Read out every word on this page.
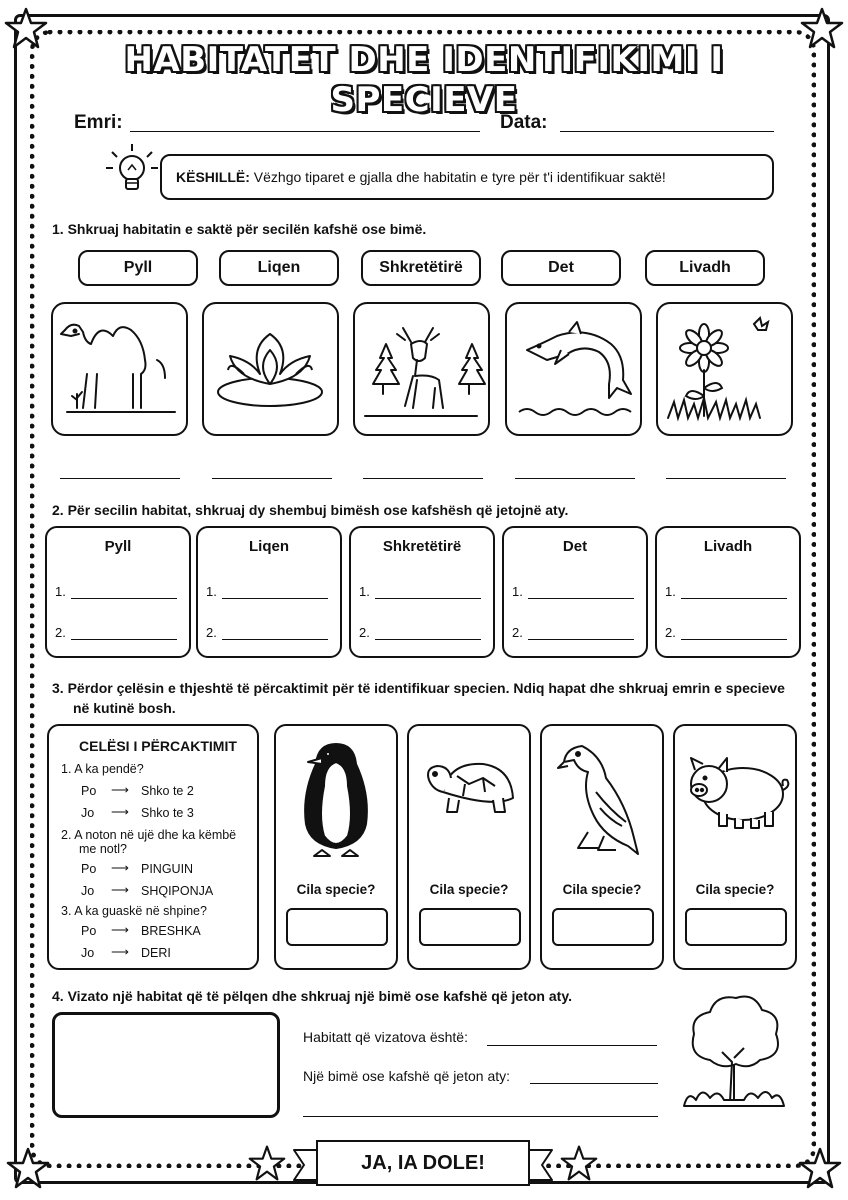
HABITATET DHE IDENTIFIKIMI I SPECIEVE
Emri:	Data:
KËSHILLË: Vëzhgo tiparet e gjalla dhe habitatin e tyre për t'i identifikuar saktë!
1. Shkruaj habitatin e saktë për secilën kafshë ose bimë.
Pyll	Liqen	Shkretëtirë	Det	Livadh
2. Për secilin habitat, shkruaj dy shembuj bimësh ose kafshësh që jetojnë aty.
Pyll
1.
2.
Liqen
1.
2.
Shkretëtirë
1.
2.
Det
1.
2.
Livadh
1.
2.
3. Përdor çelësin e thjeshtë të përcaktimit për të identifikuar specien. Ndiq hapat dhe shkruaj emrin e specieve
në kutinë bosh.
CELËSI I PËRCAKTIMIT
1. A ka pendë?
Po ⟶ Shko te 2
Jo ⟶ Shko te 3
2. A noton në ujë dhe ka këmbë
me notl?
Po ⟶ PINGUIN
Jo ⟶ SHQIPONJA
3. A ka guaskë në shpine?
Po ⟶ BRESHKA
Jo ⟶ DERI
Cila specie?	Cila specie?	Cila specie?	Cila specie?
4. Vizato një habitat që të pëlqen dhe shkruaj një bimë ose kafshë që jeton aty.
Habitatt që vizatova është:
Një bimë ose kafshë që jeton aty:
JA, IA DOLE!
